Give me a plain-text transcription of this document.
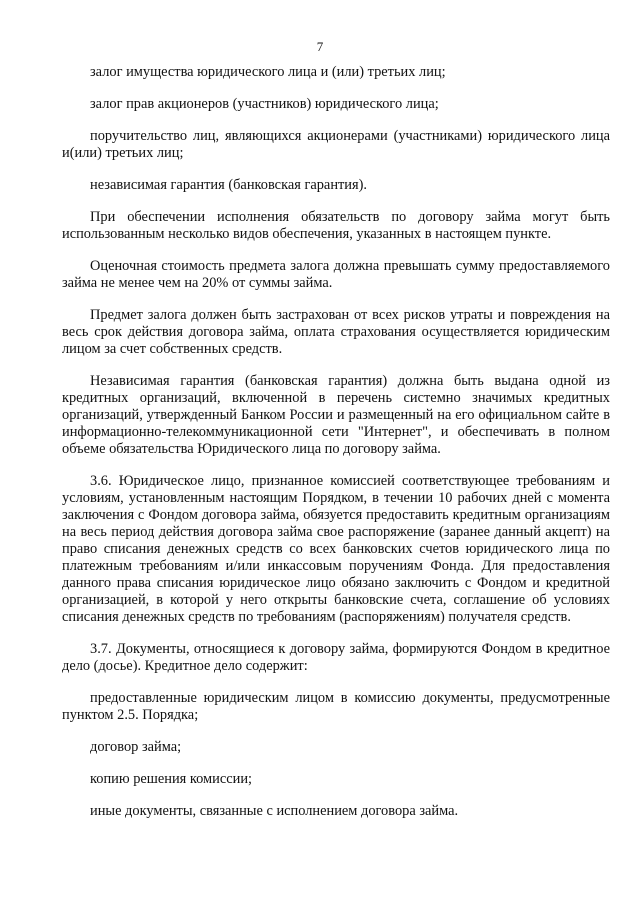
7

залог имущества юридического лица и (или) третьих лиц;

залог прав акционеров (участников) юридического лица;

поручительство лиц, являющихся акционерами (участниками) юридического лица и(или) третьих лиц;

независимая гарантия (банковская гарантия).

При обеспечении исполнения обязательств по договору займа могут быть использованным несколько видов обеспечения, указанных в настоящем пункте.

Оценочная стоимость предмета залога должна превышать сумму предоставляемого займа не менее чем на 20% от суммы займа.

Предмет залога должен быть застрахован от всех рисков утраты и повреждения на весь срок действия договора займа, оплата страхования осуществляется юридическим лицом за счет собственных средств.

Независимая гарантия (банковская гарантия) должна быть выдана одной из кредитных организаций, включенной в перечень системно значимых кредитных организаций, утвержденный Банком России и размещенный на его официальном сайте в информационно-телекоммуникационной сети "Интернет", и обеспечивать в полном объеме обязательства Юридического лица по договору займа.

3.6. Юридическое лицо, признанное комиссией соответствующее требованиям и условиям, установленным настоящим Порядком, в течении 10 рабочих дней с момента заключения с Фондом договора займа, обязуется предоставить кредитным организациям на весь период действия договора займа свое распоряжение (заранее данный акцепт) на право списания денежных средств со всех банковских счетов юридического лица по платежным требованиям и/или инкассовым поручениям Фонда. Для предоставления данного права списания юридическое лицо обязано заключить с Фондом и кредитной организацией, в которой у него открыты банковские счета, соглашение об условиях списания денежных средств по требованиям (распоряжениям) получателя средств.

3.7. Документы, относящиеся к договору займа, формируются Фондом в кредитное дело (досье). Кредитное дело содержит:

предоставленные юридическим лицом в комиссию документы, предусмотренные пунктом 2.5. Порядка;

договор займа;

копию решения комиссии;

иные документы, связанные с исполнением договора займа.
